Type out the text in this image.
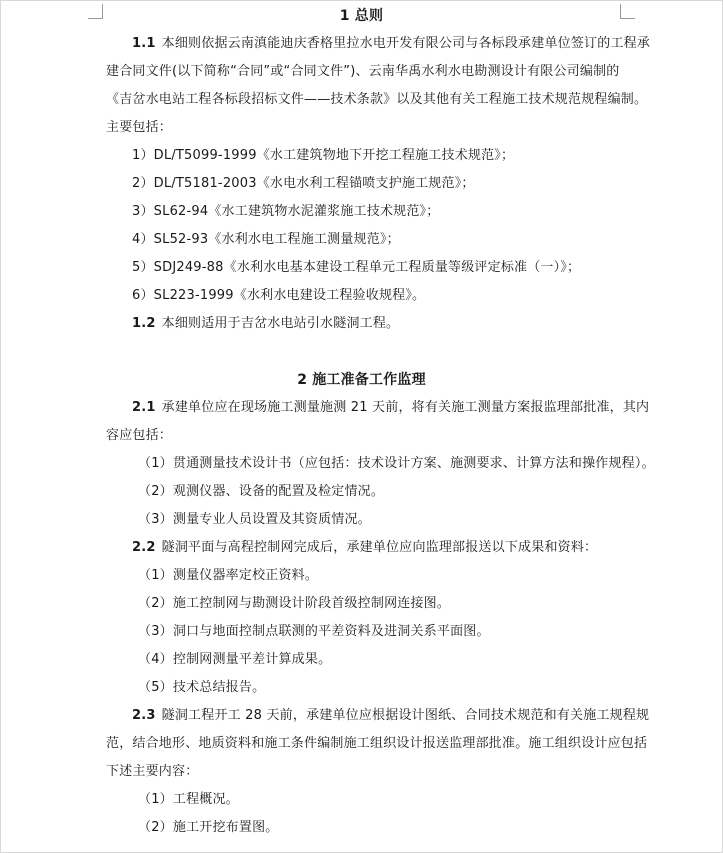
1 总则
1.1 本细则依据云南滇能迪庆香格里拉水电开发有限公司与各标段承建单位签订的工程承
建合同文件(以下简称“合同”或“合同文件”)、云南华禹水利水电勘测设计有限公司编制的
《吉岔水电站工程各标段招标文件——技术条款》以及其他有关工程施工技术规范规程编制。
主要包括：
1）DL/T5099-1999《水工建筑物地下开挖工程施工技术规范》；
2）DL/T5181-2003《水电水利工程锚喷支护施工规范》；
3）SL62-94《水工建筑物水泥灌浆施工技术规范》；
4）SL52-93《水利水电工程施工测量规范》；
5）SDJ249-88《水利水电基本建设工程单元工程质量等级评定标准（一）》；
6）SL223-1999《水利水电建设工程验收规程》。
1.2 本细则适用于吉岔水电站引水隧洞工程。
2 施工准备工作监理
2.1 承建单位应在现场施工测量施测 21 天前，将有关施工测量方案报监理部批准，其内
容应包括：
（1）贯通测量技术设计书（应包括：技术设计方案、施测要求、计算方法和操作规程）。
（2）观测仪器、设备的配置及检定情况。
（3）测量专业人员设置及其资质情况。
2.2 隧洞平面与高程控制网完成后，承建单位应向监理部报送以下成果和资料：
（1）测量仪器率定校正资料。
（2）施工控制网与勘测设计阶段首级控制网连接图。
（3）洞口与地面控制点联测的平差资料及进洞关系平面图。
（4）控制网测量平差计算成果。
（5）技术总结报告。
2.3 隧洞工程开工 28 天前，承建单位应根据设计图纸、合同技术规范和有关施工规程规
范，结合地形、地质资料和施工条件编制施工组织设计报送监理部批准。施工组织设计应包括
下述主要内容：
（1）工程概况。
（2）施工开挖布置图。
